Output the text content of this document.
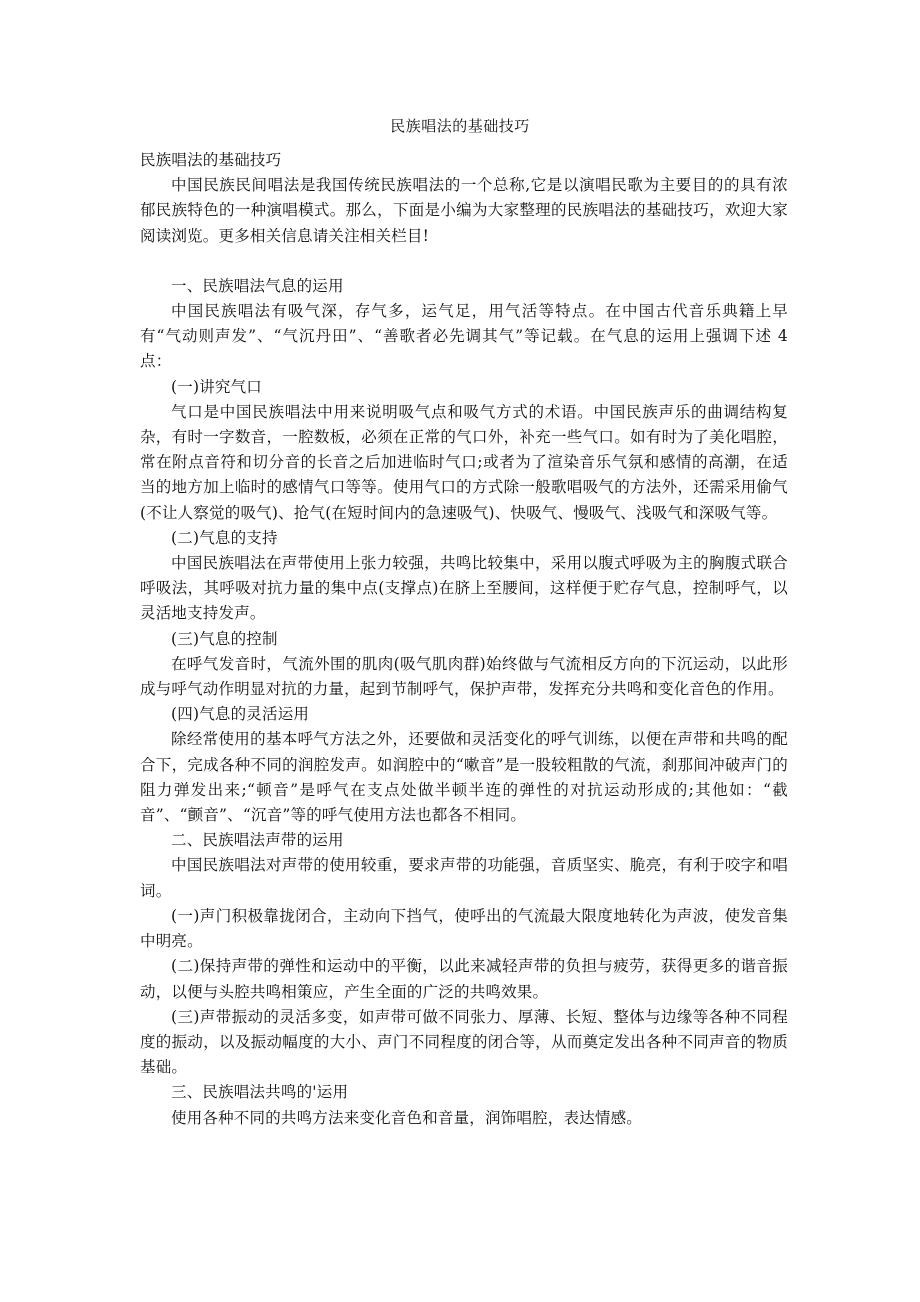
民族唱法的基础技巧

民族唱法的基础技巧

中国民族民间唱法是我国传统民族唱法的一个总称,它是以演唱民歌为主要目的的具有浓郁民族特色的一种演唱模式。那么，下面是小编为大家整理的民族唱法的基础技巧，欢迎大家阅读浏览。更多相关信息请关注相关栏目!

一、民族唱法气息的运用

中国民族唱法有吸气深，存气多，运气足，用气活等特点。在中国古代音乐典籍上早有“气动则声发”、“气沉丹田”、“善歌者必先调其气”等记载。在气息的运用上强调下述 4 点：

(一)讲究气口

气口是中国民族唱法中用来说明吸气点和吸气方式的术语。中国民族声乐的曲调结构复杂，有时一字数音，一腔数板，必须在正常的气口外，补充一些气口。如有时为了美化唱腔，常在附点音符和切分音的长音之后加进临时气口;或者为了渲染音乐气氛和感情的高潮，在适当的地方加上临时的感情气口等等。使用气口的方式除一般歌唱吸气的方法外，还需采用偷气(不让人察觉的吸气)、抢气(在短时间内的急速吸气)、快吸气、慢吸气、浅吸气和深吸气等。

(二)气息的支持

中国民族唱法在声带使用上张力较强，共鸣比较集中，采用以腹式呼吸为主的胸腹式联合呼吸法，其呼吸对抗力量的集中点(支撑点)在脐上至腰间，这样便于贮存气息，控制呼气，以灵活地支持发声。

(三)气息的控制

在呼气发音时，气流外围的肌肉(吸气肌肉群)始终做与气流相反方向的下沉运动，以此形成与呼气动作明显对抗的力量，起到节制呼气，保护声带，发挥充分共鸣和变化音色的作用。

(四)气息的灵活运用

除经常使用的基本呼气方法之外，还要做和灵活变化的呼气训练，以便在声带和共鸣的配合下，完成各种不同的润腔发声。如润腔中的“嗽音”是一股较粗散的气流，刹那间冲破声门的阻力弹发出来;“顿音”是呼气在支点处做半顿半连的弹性的对抗运动形成的;其他如：“截音”、“颤音”、“沉音”等的呼气使用方法也都各不相同。

二、民族唱法声带的运用

中国民族唱法对声带的使用较重，要求声带的功能强，音质坚实、脆亮，有利于咬字和唱词。

(一)声门积极靠拢闭合，主动向下挡气，使呼出的气流最大限度地转化为声波，使发音集中明亮。

(二)保持声带的弹性和运动中的平衡，以此来减轻声带的负担与疲劳，获得更多的谐音振动，以便与头腔共鸣相策应，产生全面的广泛的共鸣效果。

(三)声带振动的灵活多变，如声带可做不同张力、厚薄、长短、整体与边缘等各种不同程度的振动，以及振动幅度的大小、声门不同程度的闭合等，从而奠定发出各种不同声音的物质基础。

三、民族唱法共鸣的'运用

使用各种不同的共鸣方法来变化音色和音量，润饰唱腔，表达情感。
